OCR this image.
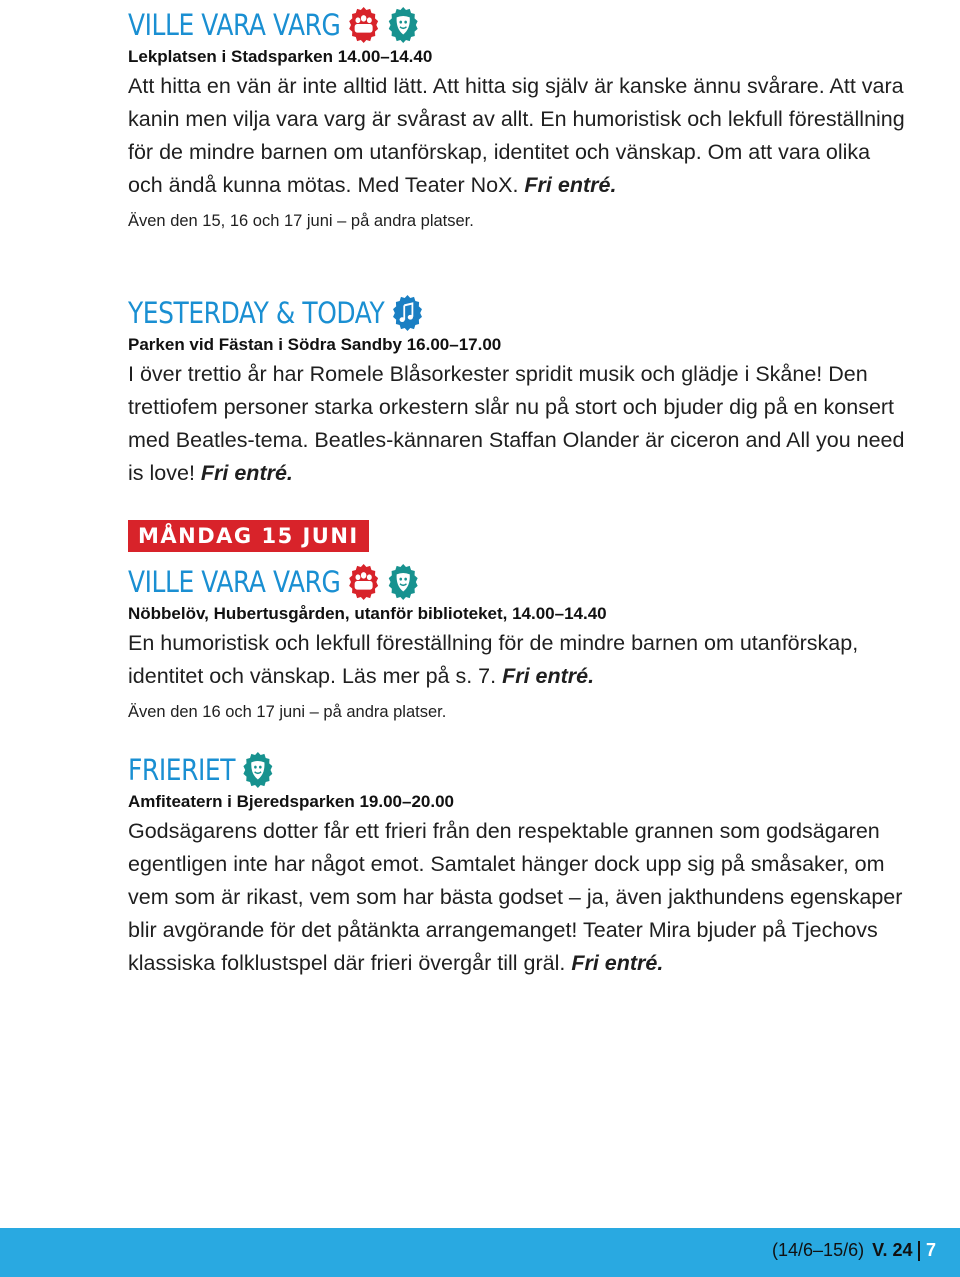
VILLE VARA VARG
Lekplatsen i Stadsparken 14.00–14.40
Att hitta en vän är inte alltid lätt. Att hitta sig själv är kanske ännu svårare. Att vara kanin men vilja vara varg är svårast av allt. En humoristisk och lekfull föreställning för de mindre barnen om utanförskap, identitet och vänskap. Om att vara olika och ändå kunna mötas. Med Teater NoX. Fri entré.
Även den 15, 16 och 17 juni – på andra platser.
YESTERDAY & TODAY
Parken vid Fästan i Södra Sandby 16.00–17.00
I över trettio år har Romele Blåsorkester spridit musik och glädje i Skåne! Den trettiofem personer starka orkestern slår nu på stort och bjuder dig på en konsert med Beatles-tema. Beatles-kännaren Staffan Olander är ciceron and All you need is love! Fri entré.
MÅNDAG 15 JUNI
VILLE VARA VARG
Nöbbelöv, Hubertusgården, utanför biblioteket, 14.00–14.40
En humoristisk och lekfull föreställning för de mindre barnen om utanförskap, identitet och vänskap. Läs mer på s. 7. Fri entré.
Även den 16 och 17 juni – på andra platser.
FRIERIET
Amfiteatern i Bjeredsparken 19.00–20.00
Godsägarens dotter får ett frieri från den respektable grannen som godsägaren egentligen inte har något emot. Samtalet hänger dock upp sig på småsaker, om vem som är rikast, vem som har bästa godset – ja, även jakthundens egenskaper blir avgörande för det påtänkta arrangemanget! Teater Mira bjuder på Tjechovs klassiska folklustspel där frieri övergår till gräl. Fri entré.
(14/6–15/6) V. 24 7
